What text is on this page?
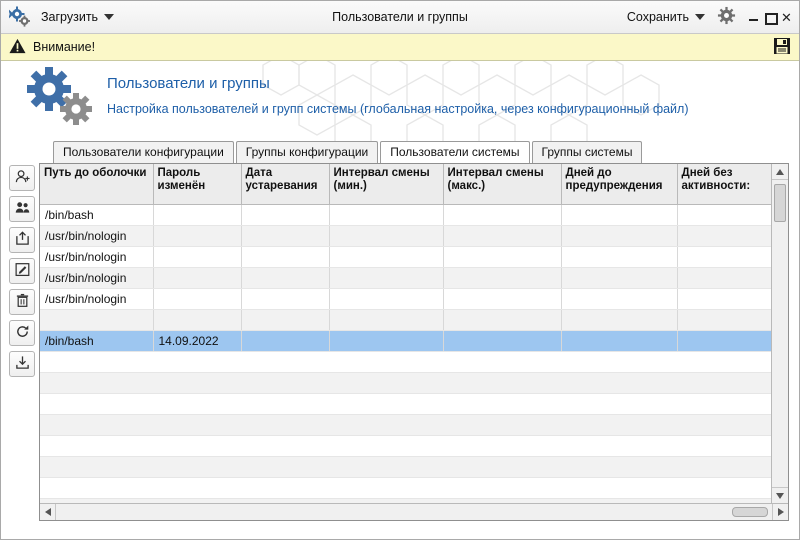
Загрузить	Пользователи и группы	Сохранить	✕
Внимание!
Пользователи и группы
Настройка пользователей и групп системы (глобальная настройка, через конфигурационный файл)
Пользователи конфигурации	Группы конфигурации	Пользователи системы	Группы системы
Путь до оболочки	Пароль изменён	Дата устаревания	Интервал смены (мин.)	Интервал смены (макс.)	Дней до предупреждения	Дней без активности:
/bin/bash						
/usr/bin/nologin						
/usr/bin/nologin						
/usr/bin/nologin						
/usr/bin/nologin						

/bin/bash	14.09.2022					
